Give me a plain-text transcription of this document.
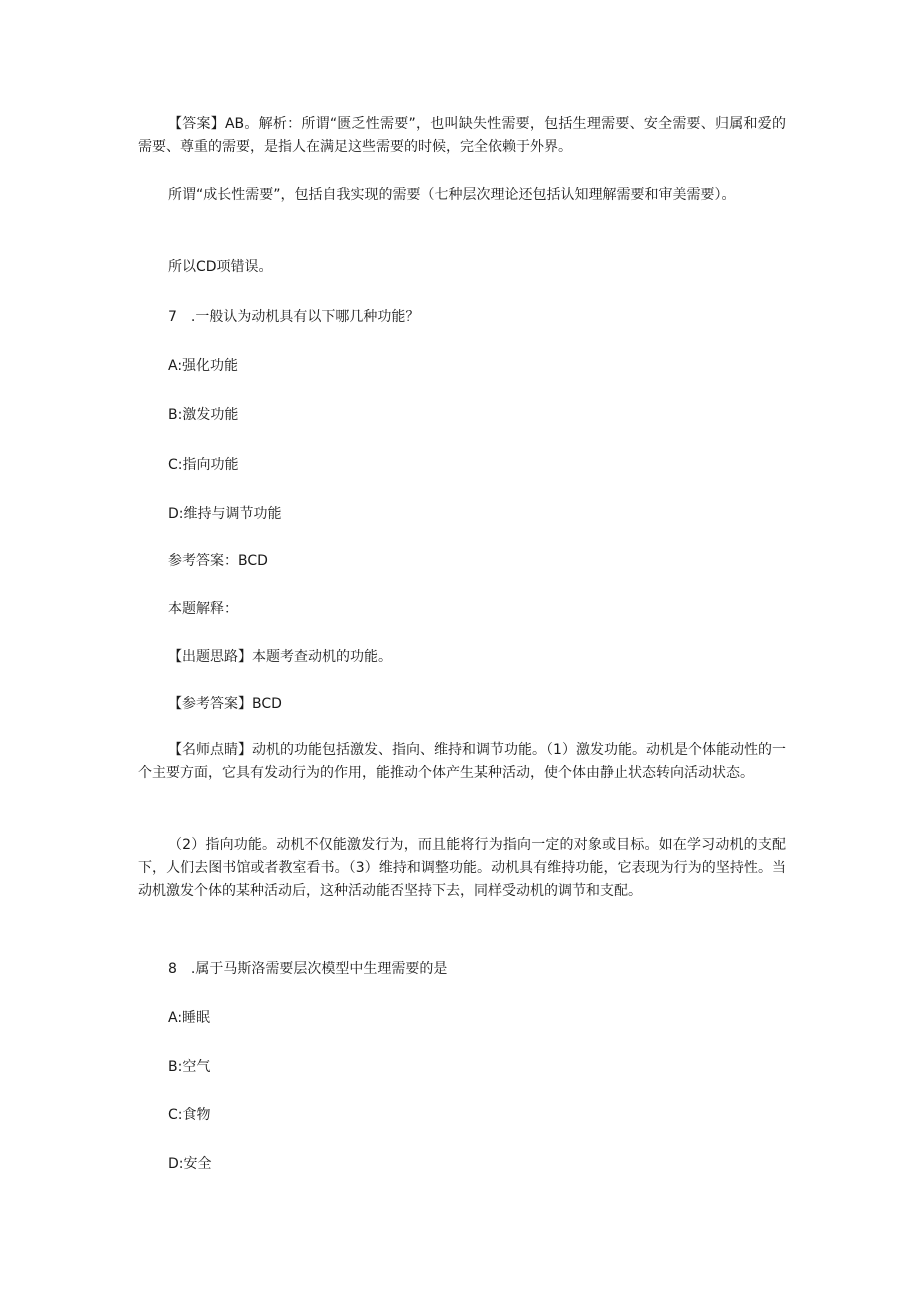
【答案】AB。解析：所谓“匮乏性需要”，也叫缺失性需要，包括生理需要、安全需要、归属和爱的需要、尊重的需要，是指人在满足这些需要的时候，完全依赖于外界。

所谓“成长性需要”，包括自我实现的需要（七种层次理论还包括认知理解需要和审美需要）。

所以CD项错误。

7　.一般认为动机具有以下哪几种功能？

A:强化功能

B:激发功能

C:指向功能

D:维持与调节功能

参考答案：BCD

本题解释：

【出题思路】本题考查动机的功能。

【参考答案】BCD

【名师点睛】动机的功能包括激发、指向、维持和调节功能。（1）激发功能。动机是个体能动性的一个主要方面，它具有发动行为的作用，能推动个体产生某种活动，使个体由静止状态转向活动状态。

（2）指向功能。动机不仅能激发行为，而且能将行为指向一定的对象或目标。如在学习动机的支配下，人们去图书馆或者教室看书。（3）维持和调整功能。动机具有维持功能，它表现为行为的坚持性。当动机激发个体的某种活动后，这种活动能否坚持下去，同样受动机的调节和支配。

8　.属于马斯洛需要层次模型中生理需要的是

A:睡眠

B:空气

C:食物

D:安全
